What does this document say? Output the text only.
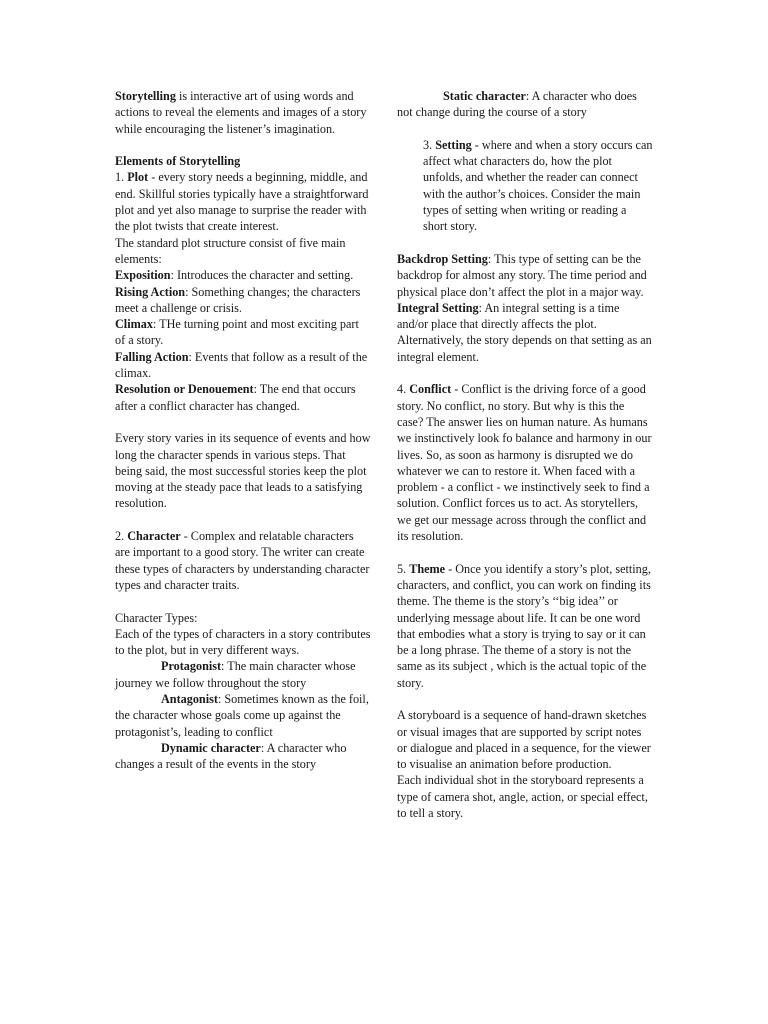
Storytelling is interactive art of using words and actions to reveal the elements and images of a story while encouraging the listener’s imagination.

Elements of Storytelling

1. Plot - every story needs a beginning, middle, and end. Skillful stories typically have a straightforward plot and yet also manage to surprise the reader with the plot twists that create interest.

The standard plot structure consist of five main elements:

Exposition: Introduces the character and setting.

Rising Action: Something changes; the characters meet a challenge or crisis.

Climax: THe turning point and most exciting part of a story.

Falling Action: Events that follow as a result of the climax.

Resolution or Denouement: The end that occurs after a conflict character has changed.

Every story varies in its sequence of events and how long the character spends in various steps. That being said, the most successful stories keep the plot moving at the steady pace that leads to a satisfying resolution.

2. Character - Complex and relatable characters are important to a good story. The writer can create these types of characters by understanding character types and character traits.

Character Types:

Each of the types of characters in a story contributes to the plot, but in very different ways.

Protagonist: The main character whose journey we follow throughout the story

Antagonist: Sometimes known as the foil, the character whose goals come up against the protagonist’s, leading to conflict

Dynamic character: A character who changes a result of the events in the story

Static character: A character who does not change during the course of a story

3. Setting - where and when a story occurs can affect what characters do, how the plot unfolds, and whether the reader can connect with the author’s choices. Consider the main types of setting when writing or reading a short story.

Backdrop Setting: This type of setting can be the backdrop for almost any story. The time period and physical place don’t affect the plot in a major way.

Integral Setting: An integral setting is a time and/or place that directly affects the plot. Alternatively, the story depends on that setting as an integral element.

4. Conflict - Conflict is the driving force of a good story. No conflict, no story. But why is this the case? The answer lies on human nature. As humans we instinctively look fo balance and harmony in our lives. So, as soon as harmony is disrupted we do whatever we can to restore it. When faced with a problem - a conflict - we instinctively seek to find a solution. Conflict forces us to act. As storytellers, we get our message across through the conflict and its resolution.

5. Theme - Once you identify a story’s plot, setting, characters, and conflict, you can work on finding its theme. The theme is the story’s ‘‘big idea’’ or underlying message about life. It can be one word that embodies what a story is trying to say or it can be a long phrase. The theme of a story is not the same as its subject , which is the actual topic of the story.

A storyboard is a sequence of hand-drawn sketches or visual images that are supported by script notes or dialogue and placed in a sequence, for the viewer to visualise an animation before production.

Each individual shot in the storyboard represents a type of camera shot, angle, action, or special effect, to tell a story.
